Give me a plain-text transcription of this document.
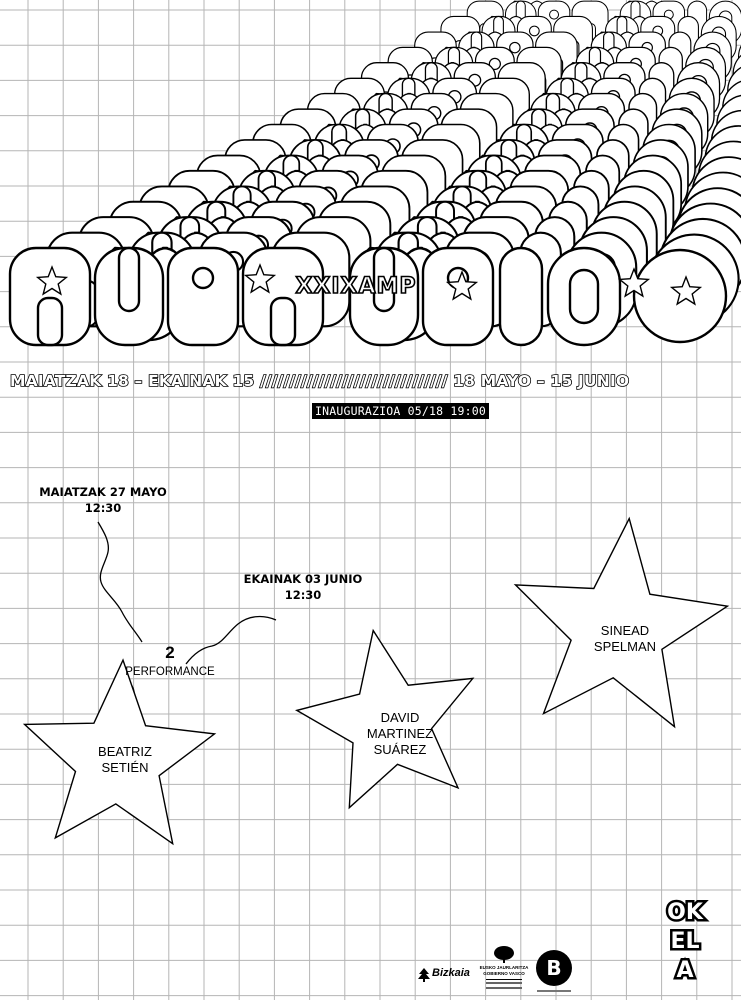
XXIXAMP
MAIATZAK 18 – EKAINAK 15 //////////////////////////////// 18 MAYO – 15 JUNIO
INAUGURAZIOA 05/18 19:00
MAIATZAK 27 MAYO
12:30
EKAINAK 03 JUNIO
12:30
2
PERFORMANCE
BEATRIZ
SETIÉN
DAVID
MARTINEZ
SUÁREZ
SINEAD
SPELMAN
OK
EL
A
Bizkaia	EUSKO JAURLARITZA
GOBIERNO VASCO	B
